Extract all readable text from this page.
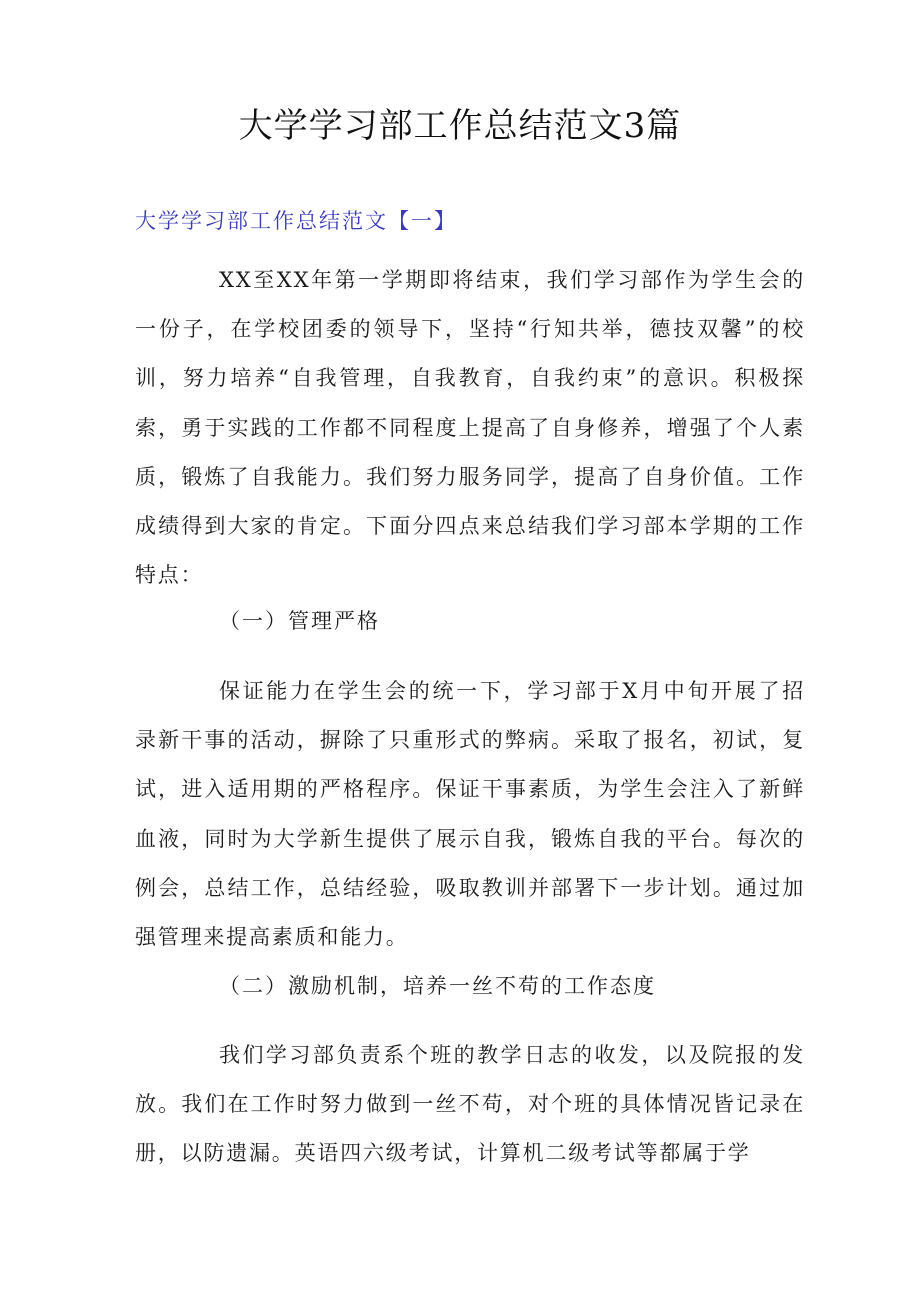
大学学习部工作总结范文3篇
大学学习部工作总结范文【一】

XX至XX年第一学期即将结束，我们学习部作为学生会的一份子，在学校团委的领导下，坚持“行知共举，德技双馨”的校训，努力培养“自我管理，自我教育，自我约束”的意识。积极探索，勇于实践的工作都不同程度上提高了自身修养，增强了个人素质，锻炼了自我能力。我们努力服务同学，提高了自身价值。工作成绩得到大家的肯定。下面分四点来总结我们学习部本学期的工作特点：

（一）管理严格

保证能力在学生会的统一下，学习部于X月中旬开展了招录新干事的活动，摒除了只重形式的弊病。采取了报名，初试，复试，进入适用期的严格程序。保证干事素质，为学生会注入了新鲜血液，同时为大学新生提供了展示自我，锻炼自我的平台。每次的例会，总结工作，总结经验，吸取教训并部署下一步计划。通过加强管理来提高素质和能力。

（二）激励机制，培养一丝不苟的工作态度

我们学习部负责系个班的教学日志的收发，以及院报的发放。我们在工作时努力做到一丝不苟，对个班的具体情况皆记录在册，以防遗漏。英语四六级考试，计算机二级考试等都属于学
